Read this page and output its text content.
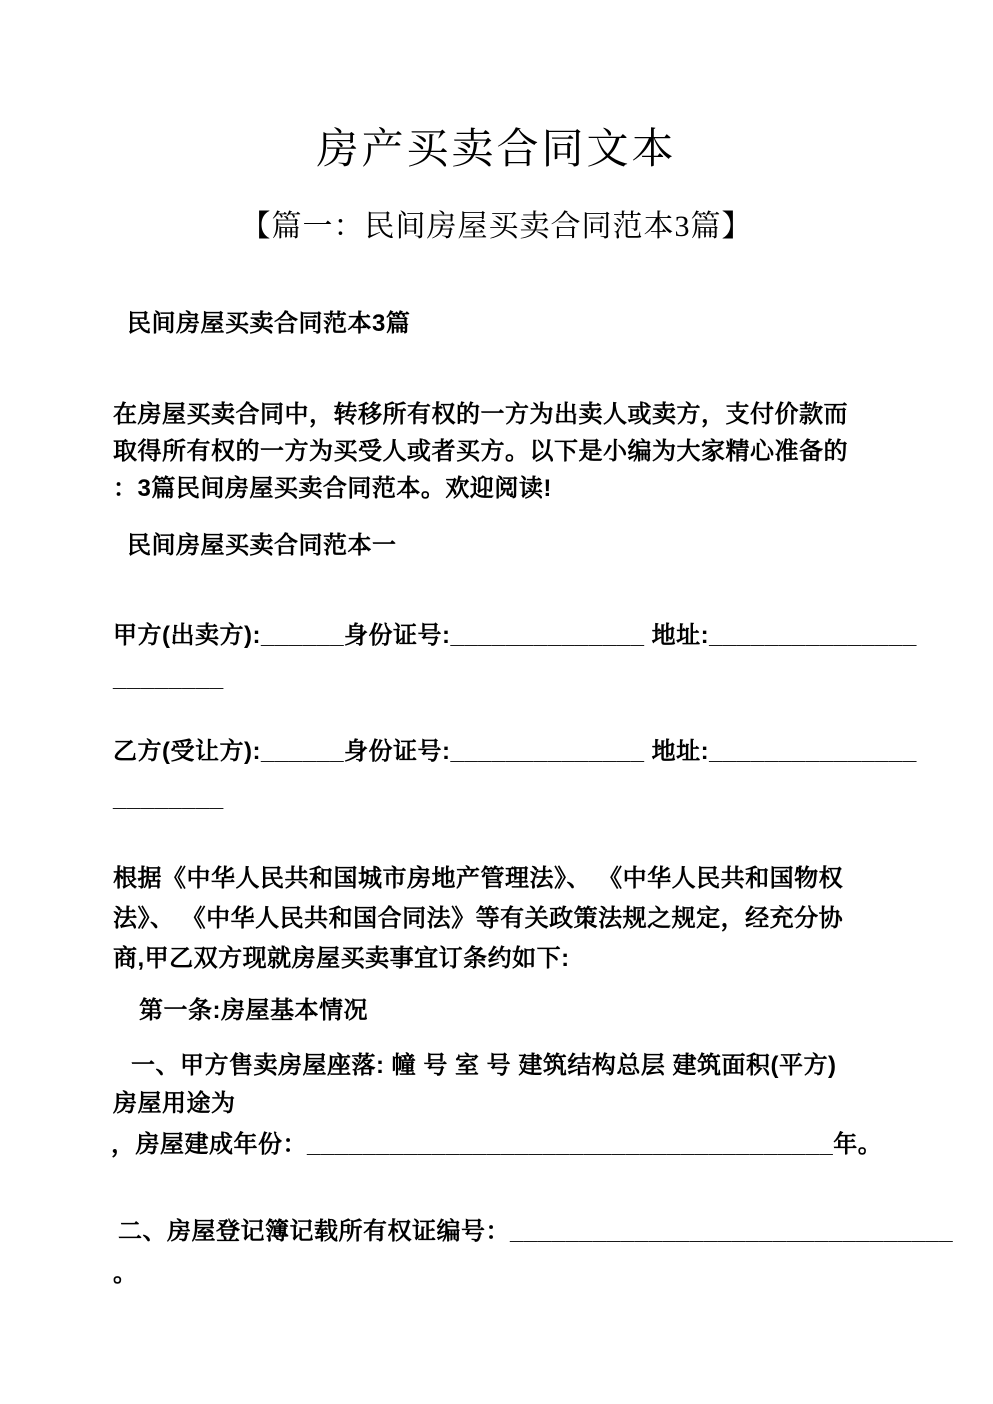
房产买卖合同文本
【篇一：民间房屋买卖合同范本3篇】
民间房屋买卖合同范本3篇
在房屋买卖合同中，转移所有权的一方为出卖人或卖方，支付价款而
取得所有权的一方为买受人或者买方。以下是小编为大家精心准备的
：3篇民间房屋买卖合同范本。欢迎阅读!
民间房屋买卖合同范本一
甲方(出卖方):______身份证号:______________ 地址:_______________
________
乙方(受让方):______身份证号:______________ 地址:_______________
________
根据《中华人民共和国城市房地产管理法》、 《中华人民共和国物权
法》、 《中华人民共和国合同法》等有关政策法规之规定，经充分协
商,甲乙双方现就房屋买卖事宜订条约如下:
第一条:房屋基本情况
一、甲方售卖房屋座落: 幢 号 室 号 建筑结构总层 建筑面积(平方)
房屋用途为
，房屋建成年份：______________________________________年。
二、房屋登记簿记载所有权证编号：________________________________
。
